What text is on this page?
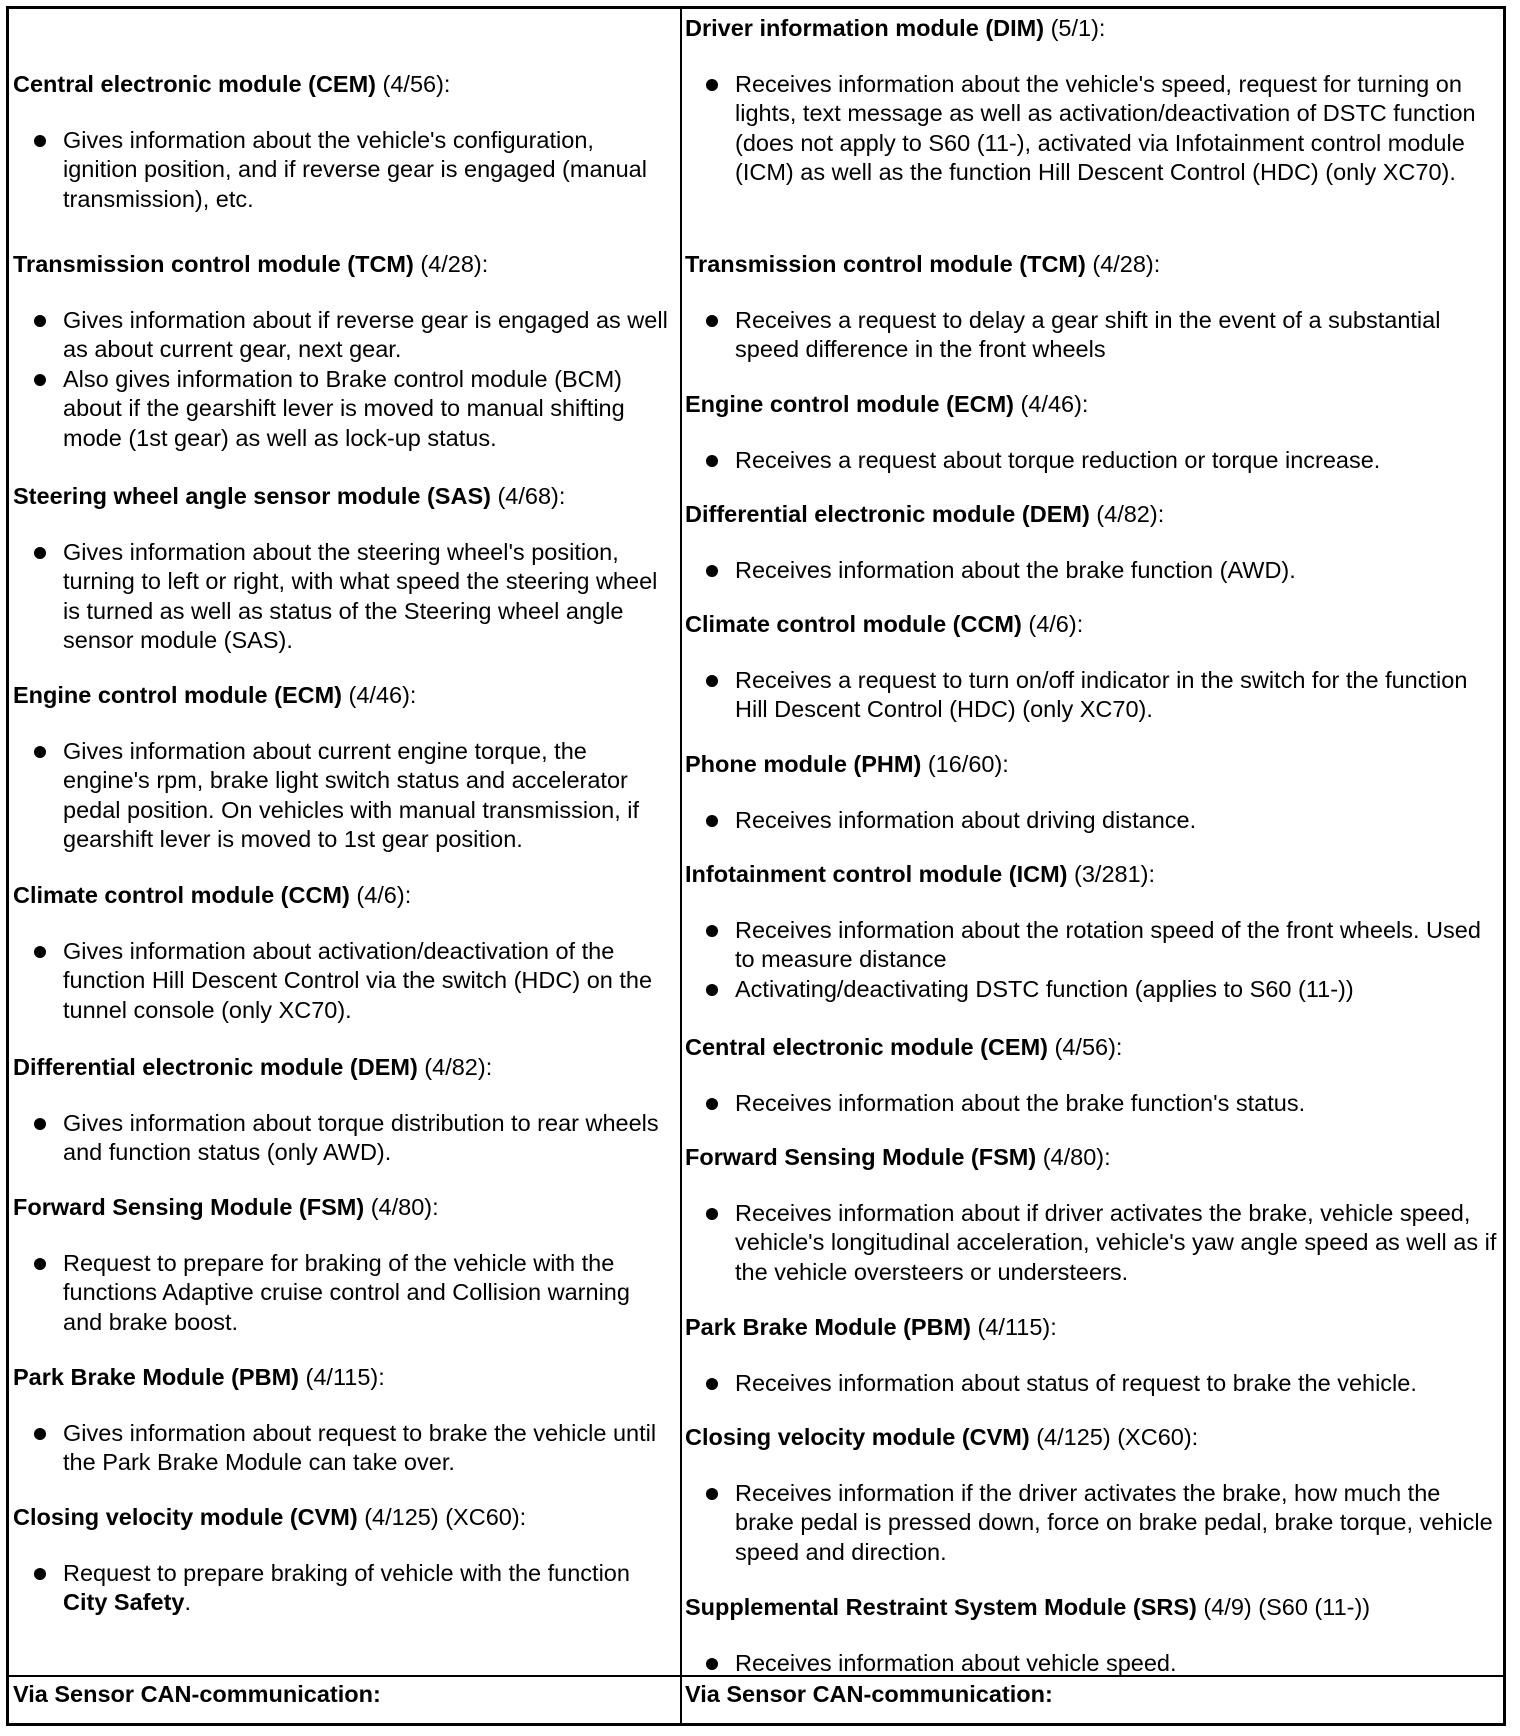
Central electronic module (CEM) (4/56):
Gives information about the vehicle's configuration, ignition position, and if reverse gear is engaged (manual transmission), etc.
Transmission control module (TCM) (4/28):
Gives information about if reverse gear is engaged as well as about current gear, next gear.
Also gives information to Brake control module (BCM) about if the gearshift lever is moved to manual shifting mode (1st gear) as well as lock-up status.
Steering wheel angle sensor module (SAS) (4/68):
Gives information about the steering wheel's position, turning to left or right, with what speed the steering wheel is turned as well as status of the Steering wheel angle sensor module (SAS).
Engine control module (ECM) (4/46):
Gives information about current engine torque, the engine's rpm, brake light switch status and accelerator pedal position. On vehicles with manual transmission, if gearshift lever is moved to 1st gear position.
Climate control module (CCM) (4/6):
Gives information about activation/deactivation of the function Hill Descent Control via the switch (HDC) on the tunnel console (only XC70).
Differential electronic module (DEM) (4/82):
Gives information about torque distribution to rear wheels and function status (only AWD).
Forward Sensing Module (FSM) (4/80):
Request to prepare for braking of the vehicle with the functions Adaptive cruise control and Collision warning and brake boost.
Park Brake Module (PBM) (4/115):
Gives information about request to brake the vehicle until the Park Brake Module can take over.
Closing velocity module (CVM) (4/125) (XC60):
Request to prepare braking of vehicle with the function City Safety.
Via Sensor CAN-communication:
Driver information module (DIM) (5/1):
Receives information about the vehicle's speed, request for turning on lights, text message as well as activation/deactivation of DSTC function (does not apply to S60 (11-), activated via Infotainment control module (ICM) as well as the function Hill Descent Control (HDC) (only XC70).
Transmission control module (TCM) (4/28):
Receives a request to delay a gear shift in the event of a substantial speed difference in the front wheels
Engine control module (ECM) (4/46):
Receives a request about torque reduction or torque increase.
Differential electronic module (DEM) (4/82):
Receives information about the brake function (AWD).
Climate control module (CCM) (4/6):
Receives a request to turn on/off indicator in the switch for the function Hill Descent Control (HDC) (only XC70).
Phone module (PHM) (16/60):
Receives information about driving distance.
Infotainment control module (ICM) (3/281):
Receives information about the rotation speed of the front wheels. Used to measure distance
Activating/deactivating DSTC function (applies to S60 (11-))
Central electronic module (CEM) (4/56):
Receives information about the brake function's status.
Forward Sensing Module (FSM) (4/80):
Receives information about if driver activates the brake, vehicle speed, vehicle's longitudinal acceleration, vehicle's yaw angle speed as well as if the vehicle oversteers or understeers.
Park Brake Module (PBM) (4/115):
Receives information about status of request to brake the vehicle.
Closing velocity module (CVM) (4/125) (XC60):
Receives information if the driver activates the brake, how much the brake pedal is pressed down, force on brake pedal, brake torque, vehicle speed and direction.
Supplemental Restraint System Module (SRS) (4/9) (S60 (11-))
Receives information about vehicle speed.
Via Sensor CAN-communication:
